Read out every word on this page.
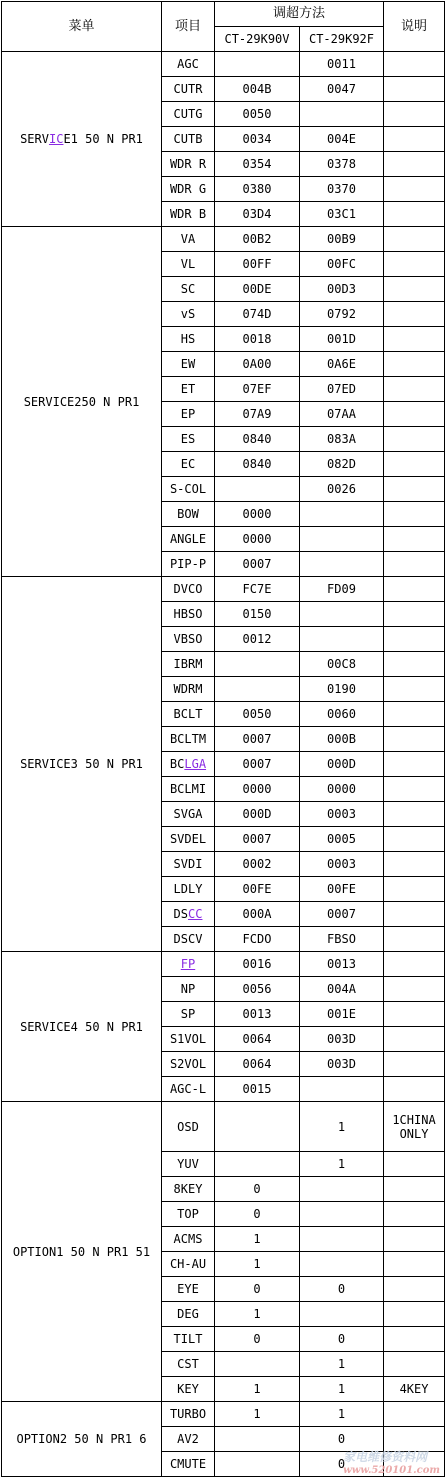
菜单	项目	调超方法		说明
		CT-29K90V	CT-29K92F	
SERVICE1 50 N PR1	AGC		0011	
	CUTR	004B	0047	
	CUTG	0050		
	CUTB	0034	004E	
	WDR R	0354	0378	
	WDR G	0380	0370	
	WDR B	03D4	03C1	
SERVICE250 N PR1	VA	00B2	00B9	
	VL	00FF	00FC	
	SC	00DE	00D3	
	vS	074D	0792	
	HS	0018	001D	
	EW	0A00	0A6E	
	ET	07EF	07ED	
	EP	07A9	07AA	
	ES	0840	083A	
	EC	0840	082D	
	S-COL		0026	
	BOW	0000		
	ANGLE	0000		
	PIP-P	0007		
SERVICE3 50 N PR1	DVCO	FC7E	FD09	
	HBSO	0150		
	VBSO	0012		
	IBRM		00C8	
	WDRM		0190	
	BCLT	0050	0060	
	BCLTM	0007	000B	
	BCLGA	0007	000D	
	BCLMI	0000	0000	
	SVGA	000D	0003	
	SVDEL	0007	0005	
	SVDI	0002	0003	
	LDLY	00FE	00FE	
	DSCC	000A	0007	
	DSCV	FCDO	FBSO	
SERVICE4 50 N PR1	FP	0016	0013	
	NP	0056	004A	
	SP	0013	001E	
	S1VOL	0064	003D	
	S2VOL	0064	003D	
	AGC-L	0015		
OPTION1 50 N PR1 51	OSD		1	1CHINA ONLY
	YUV		1	
	8KEY	0		
	TOP	0		
	ACMS	1		
	CH-AU	1		
	EYE	0	0	
	DEG	1		
	TILT	0	0	
	CST		1	
	KEY	1	1	4KEY
OPTION2 50 N PR1 6	TURBO	1	1	
	AV2		0	
	CMUTE		0	
家电维修资料网
www.520101.com
